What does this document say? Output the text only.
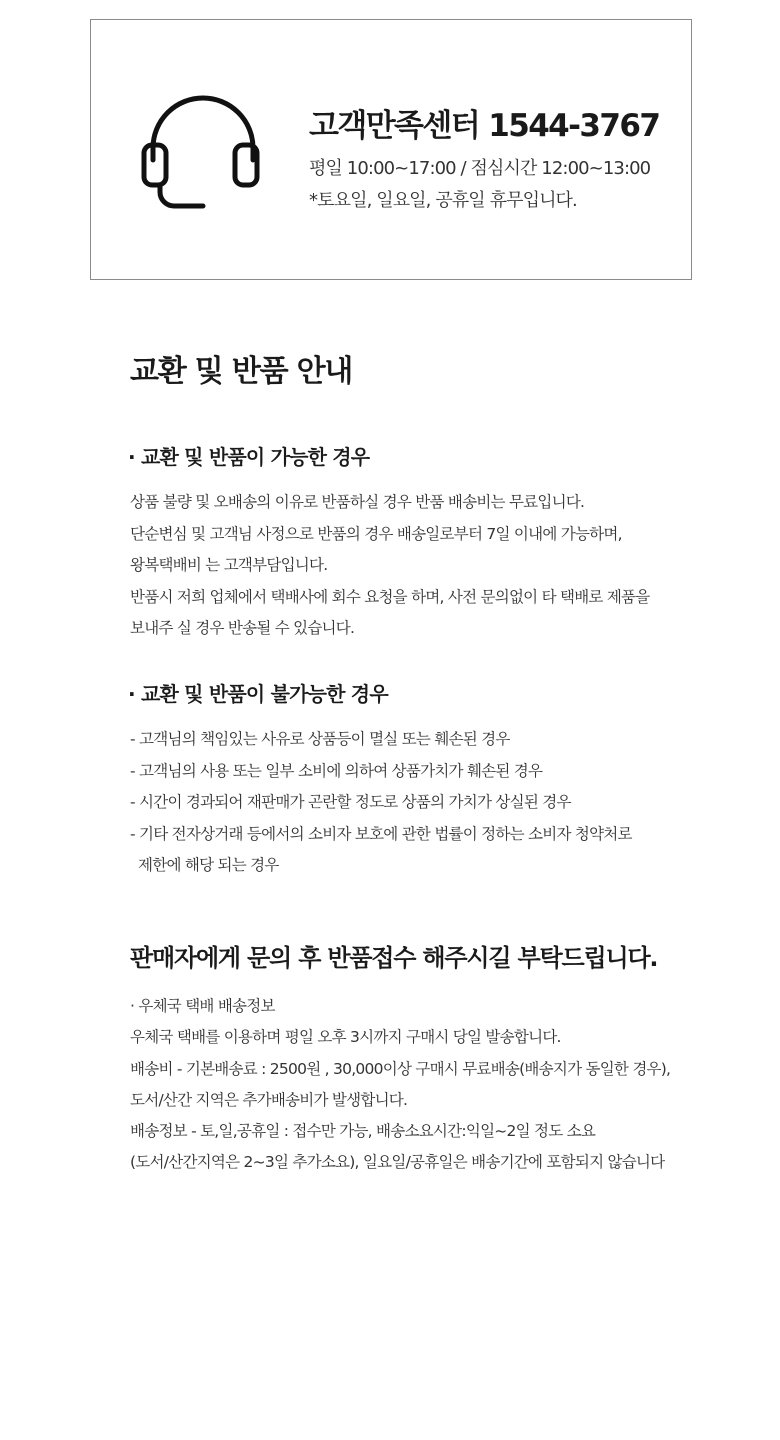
고객만족센터 1544-3767
평일 10:00~17:00 / 점심시간 12:00~13:00
*토요일, 일요일, 공휴일 휴무입니다.
교환 및 반품 안내
· 교환 및 반품이 가능한 경우
상품 불량 및 오배송의 이유로 반품하실 경우 반품 배송비는 무료입니다.
단순변심 및 고객님 사정으로 반품의 경우 배송일로부터 7일 이내에 가능하며,
왕복택배비 는 고객부담입니다.
반품시 저희 업체에서 택배사에 회수 요청을 하며, 사전 문의없이 타 택배로 제품을
보내주 실 경우 반송될 수 있습니다.
· 교환 및 반품이 불가능한 경우
- 고객님의 책임있는 사유로 상품등이 멸실 또는 훼손된 경우
- 고객님의 사용 또는 일부 소비에 의하여 상품가치가 훼손된 경우
- 시간이 경과되어 재판매가 곤란할 정도로 상품의 가치가 상실된 경우
- 기타 전자상거래 등에서의 소비자 보호에 관한 법률이 정하는 소비자 청약처로
제한에 해당 되는 경우
판매자에게 문의 후 반품접수 해주시길 부탁드립니다.
· 우체국 택배 배송정보
우체국 택배를 이용하며 평일 오후 3시까지 구매시 당일 발송합니다.
배송비 - 기본배송료 : 2500원 , 30,000이상 구매시 무료배송(배송지가 동일한 경우),
도서/산간 지역은 추가배송비가 발생합니다.
배송정보 - 토,일,공휴일 : 접수만 가능, 배송소요시간:익일~2일 정도 소요
(도서/산간지역은 2~3일 추가소요), 일요일/공휴일은 배송기간에 포함되지 않습니다
